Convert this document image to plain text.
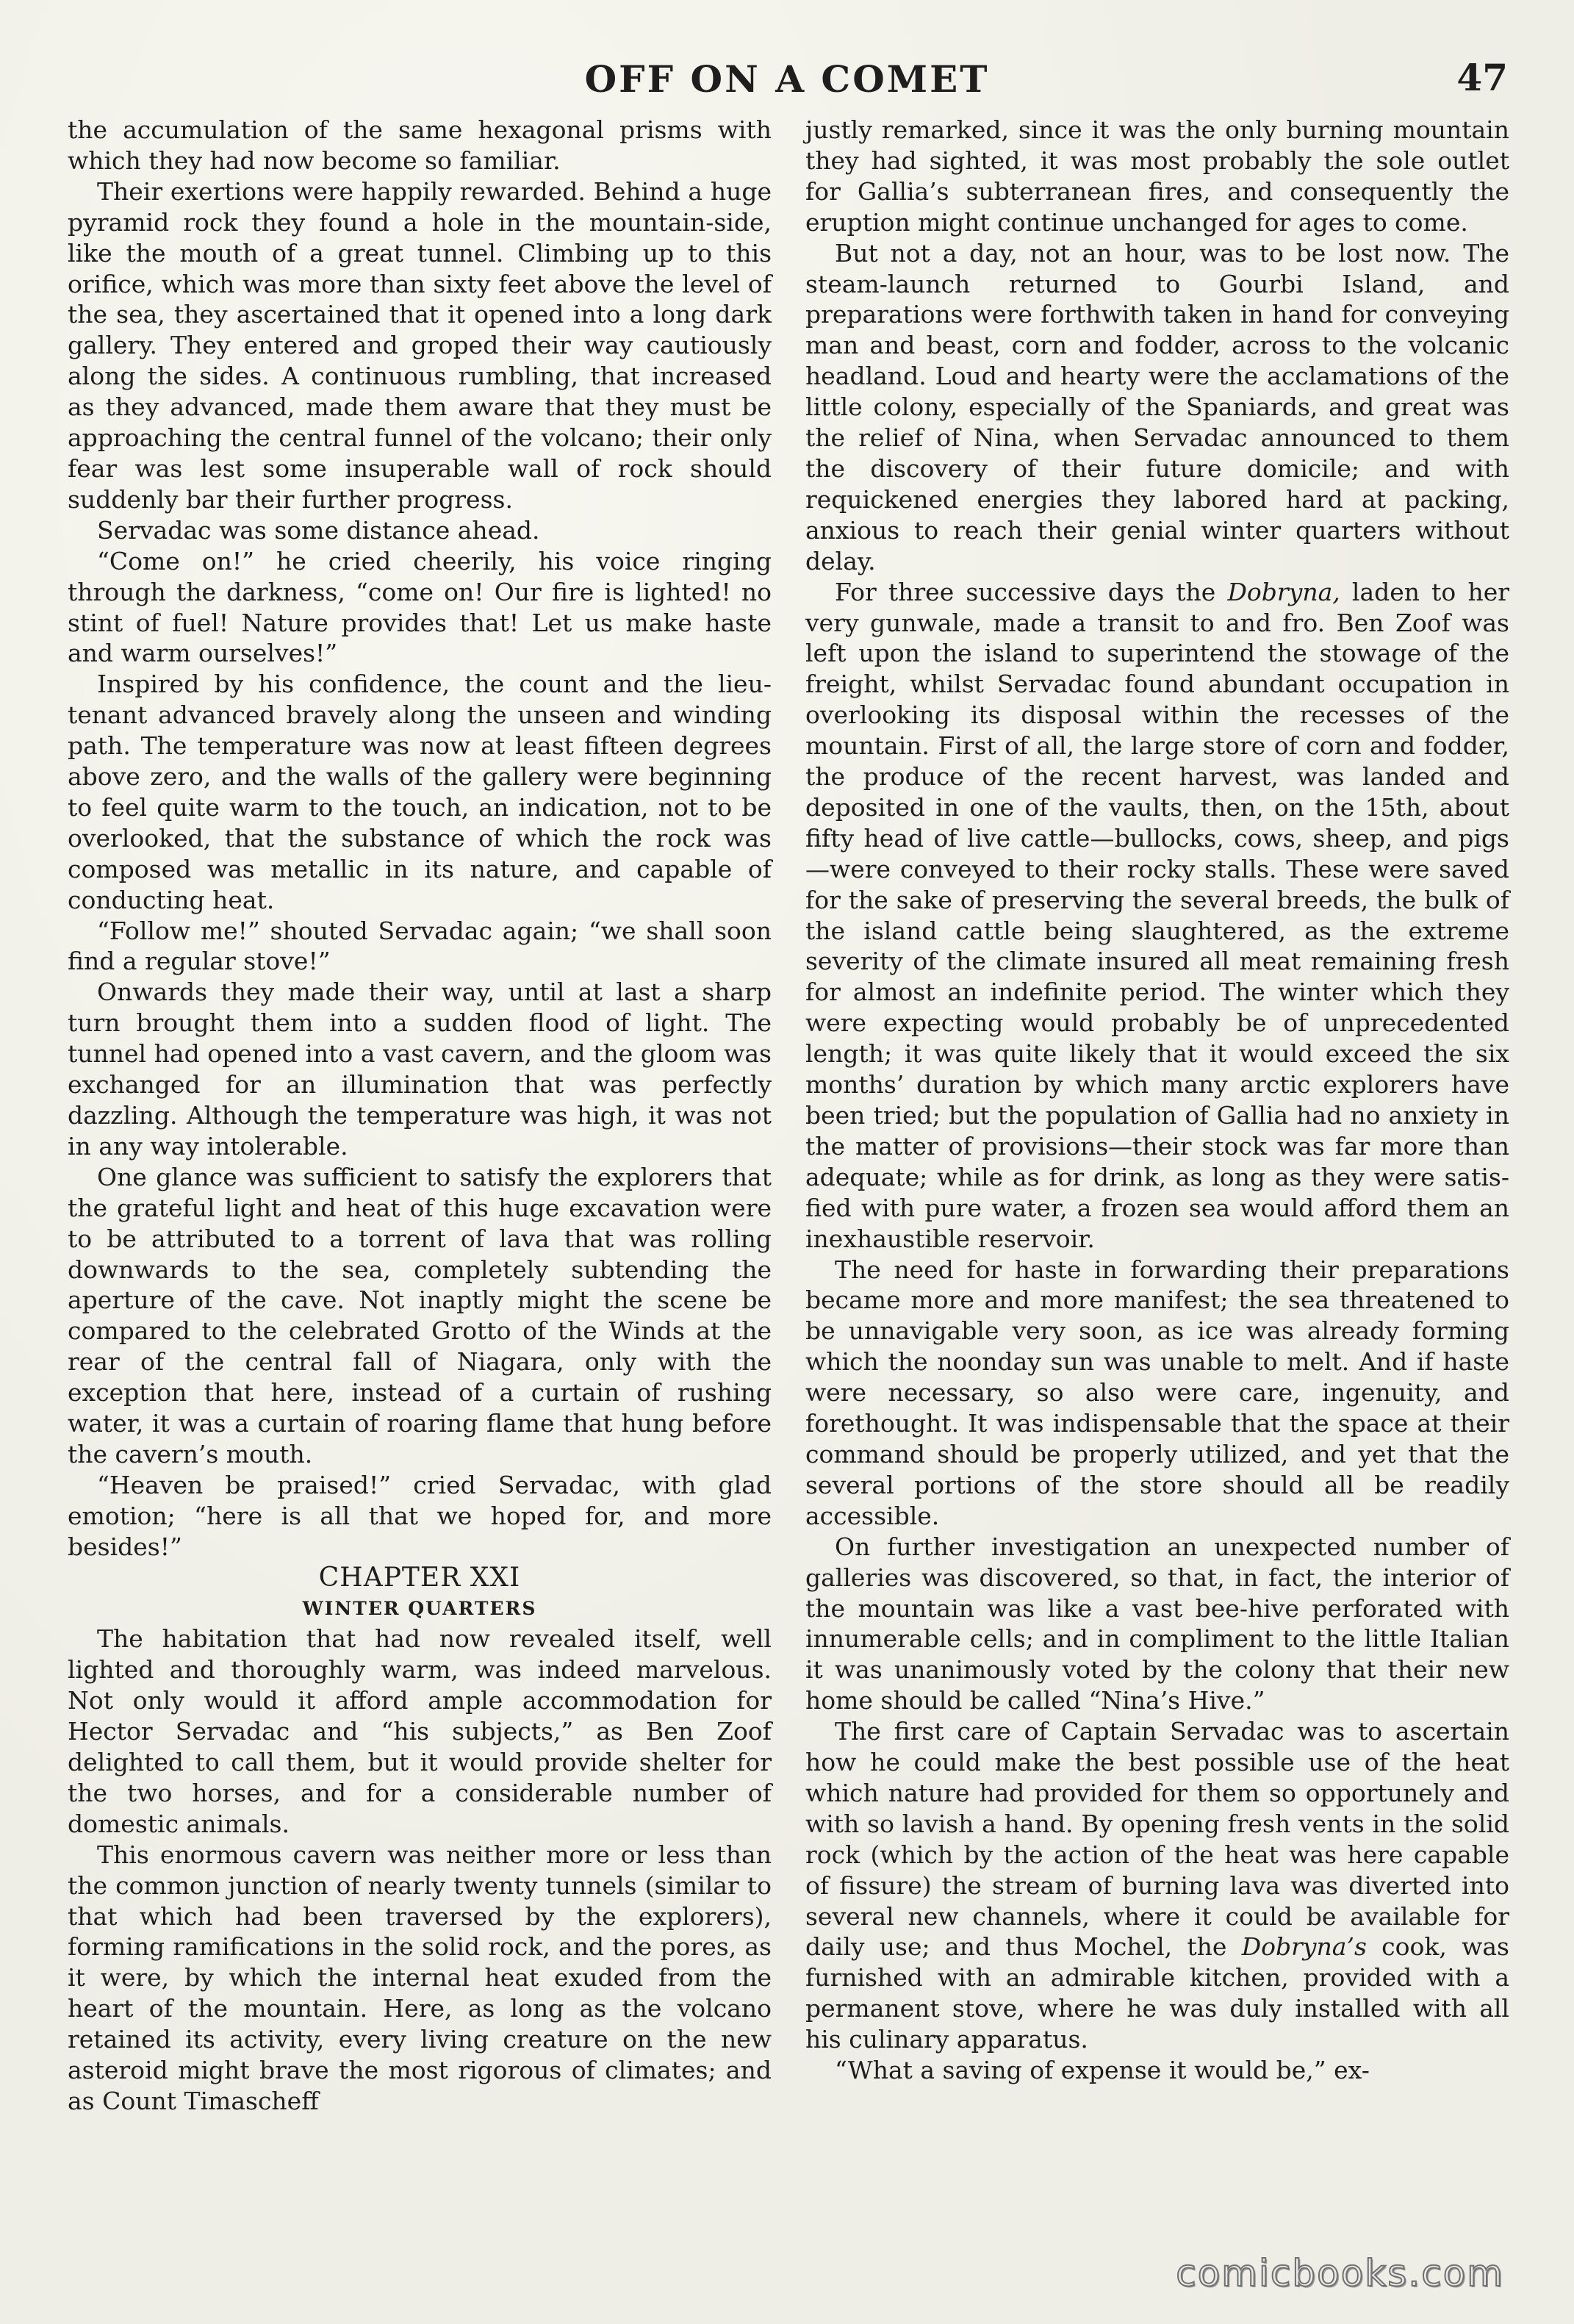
OFF ON A COMET	47

the accumulation of the same hexagonal prisms with which they had now become so familiar.

Their exertions were happily rewarded. Behind a huge pyramid rock they found a hole in the mountain-side, like the mouth of a great tunnel. Climbing up to this orifice, which was more than sixty feet above the level of the sea, they ascertained that it opened into a long dark gallery. They entered and groped their way cautiously along the sides. A continuous rumbling, that increased as they advanced, made them aware that they must be approaching the central funnel of the volcano; their only fear was lest some insuperable wall of rock should suddenly bar their further progress.

Servadac was some distance ahead.

“Come on!” he cried cheerily, his voice ringing through the darkness, “come on! Our fire is lighted! no stint of fuel! Nature provides that! Let us make haste and warm ourselves!”

Inspired by his confidence, the count and the lieutenant advanced bravely along the unseen and winding path. The temperature was now at least fifteen degrees above zero, and the walls of the gallery were beginning to feel quite warm to the touch, an indication, not to be overlooked, that the substance of which the rock was composed was metallic in its nature, and capable of conducting heat.

“Follow me!” shouted Servadac again; “we shall soon find a regular stove!”

Onwards they made their way, until at last a sharp turn brought them into a sudden flood of light. The tunnel had opened into a vast cavern, and the gloom was exchanged for an illumination that was perfectly dazzling. Although the temperature was high, it was not in any way intolerable.

One glance was sufficient to satisfy the explorers that the grateful light and heat of this huge excavation were to be attributed to a torrent of lava that was rolling downwards to the sea, completely subtending the aperture of the cave. Not inaptly might the scene be compared to the celebrated Grotto of the Winds at the rear of the central fall of Niagara, only with the exception that here, instead of a curtain of rushing water, it was a curtain of roaring flame that hung before the cavern’s mouth.

“Heaven be praised!” cried Servadac, with glad emotion; “here is all that we hoped for, and more besides!”

CHAPTER XXI

WINTER QUARTERS

The habitation that had now revealed itself, well lighted and thoroughly warm, was indeed marvelous. Not only would it afford ample accommodation for Hector Servadac and “his subjects,” as Ben Zoof delighted to call them, but it would provide shelter for the two horses, and for a considerable number of domestic animals.

This enormous cavern was neither more or less than the common junction of nearly twenty tunnels (similar to that which had been traversed by the explorers), forming ramifications in the solid rock, and the pores, as it were, by which the internal heat exuded from the heart of the mountain. Here, as long as the volcano retained its activity, every living creature on the new asteroid might brave the most rigorous of climates; and as Count Timascheff

justly remarked, since it was the only burning mountain they had sighted, it was most probably the sole outlet for Gallia’s subterranean fires, and consequently the eruption might continue unchanged for ages to come.

But not a day, not an hour, was to be lost now. The steam-launch returned to Gourbi Island, and preparations were forthwith taken in hand for conveying man and beast, corn and fodder, across to the volcanic headland. Loud and hearty were the acclamations of the little colony, especially of the Spaniards, and great was the relief of Nina, when Servadac announced to them the discovery of their future domicile; and with requickened energies they labored hard at packing, anxious to reach their genial winter quarters without delay.

For three successive days the Dobryna, laden to her very gunwale, made a transit to and fro. Ben Zoof was left upon the island to superintend the stowage of the freight, whilst Servadac found abundant occupation in overlooking its disposal within the recesses of the mountain. First of all, the large store of corn and fodder, the produce of the recent harvest, was landed and deposited in one of the vaults, then, on the 15th, about fifty head of live cattle—bullocks, cows, sheep, and pigs—were conveyed to their rocky stalls. These were saved for the sake of preserving the several breeds, the bulk of the island cattle being slaughtered, as the extreme severity of the climate insured all meat remaining fresh for almost an indefinite period. The winter which they were expecting would probably be of unprecedented length; it was quite likely that it would exceed the six months’ duration by which many arctic explorers have been tried; but the population of Gallia had no anxiety in the matter of provisions—their stock was far more than adequate; while as for drink, as long as they were satisfied with pure water, a frozen sea would afford them an inexhaustible reservoir.

The need for haste in forwarding their preparations became more and more manifest; the sea threatened to be unnavigable very soon, as ice was already forming which the noonday sun was unable to melt. And if haste were necessary, so also were care, ingenuity, and forethought. It was indispensable that the space at their command should be properly utilized, and yet that the several portions of the store should all be readily accessible.

On further investigation an unexpected number of galleries was discovered, so that, in fact, the interior of the mountain was like a vast bee-hive perforated with innumerable cells; and in compliment to the little Italian it was unanimously voted by the colony that their new home should be called “Nina’s Hive.”

The first care of Captain Servadac was to ascertain how he could make the best possible use of the heat which nature had provided for them so opportunely and with so lavish a hand. By opening fresh vents in the solid rock (which by the action of the heat was here capable of fissure) the stream of burning lava was diverted into several new channels, where it could be available for daily use; and thus Mochel, the Dobryna’s cook, was furnished with an admirable kitchen, provided with a permanent stove, where he was duly installed with all his culinary apparatus.

“What a saving of expense it would be,” ex-

comicbooks.com
